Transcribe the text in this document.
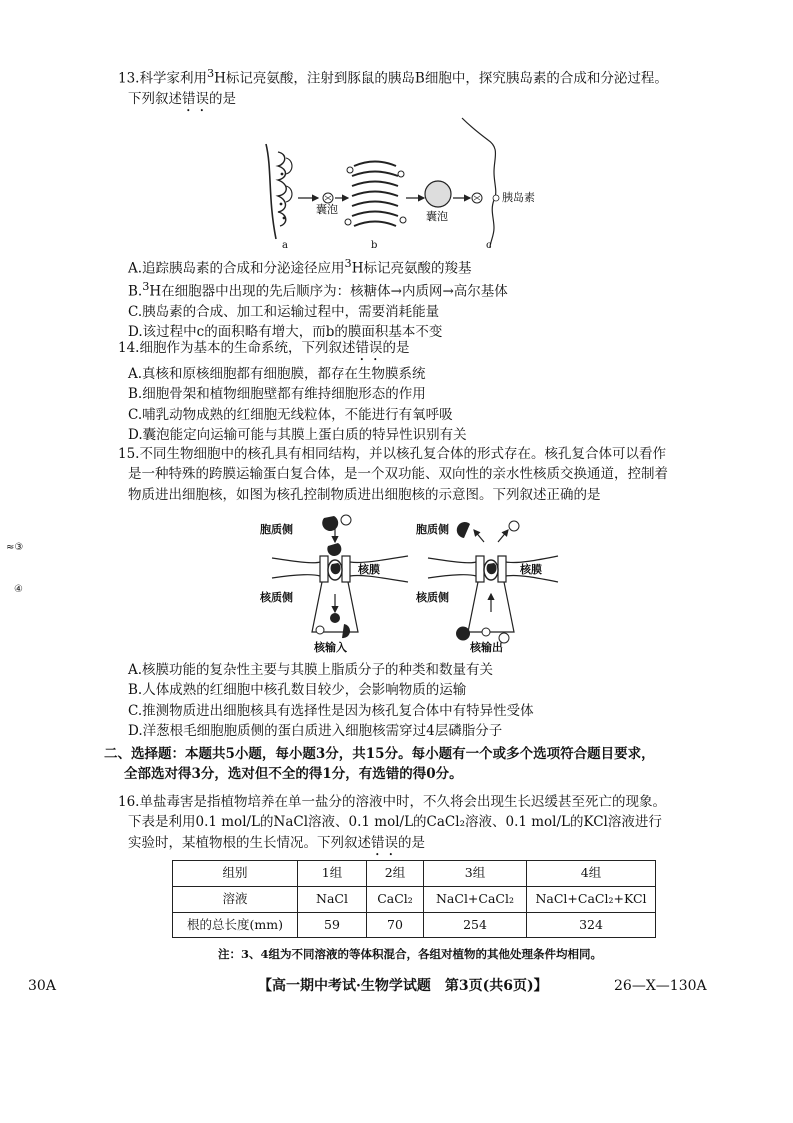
13.科学家利用$^3$H标记亮氨酸，注射到豚鼠的胰岛B细胞中，探究胰岛素的合成和分泌过程。
下列叙述错误的是
囊泡
囊泡
胰岛素
a	b	c
A.追踪胰岛素的合成和分泌途径应用$^3$H标记亮氨酸的羧基
B.$^3$H在细胞器中出现的先后顺序为：核糖体→内质网→高尔基体
C.胰岛素的合成、加工和运输过程中，需要消耗能量
D.该过程中c的面积略有增大，而b的膜面积基本不变
14.细胞作为基本的生命系统，下列叙述错误的是
A.真核和原核细胞都有细胞膜，都存在生物膜系统
B.细胞骨架和植物细胞壁都有维持细胞形态的作用
C.哺乳动物成熟的红细胞无线粒体，不能进行有氧呼吸
D.囊泡能定向运输可能与其膜上蛋白质的特异性识别有关
15.不同生物细胞中的核孔具有相同结构，并以核孔复合体的形式存在。核孔复合体可以看作
是一种特殊的跨膜运输蛋白复合体，是一个双功能、双向性的亲水性核质交换通道，控制着
物质进出细胞核，如图为核孔控制物质进出细胞核的示意图。下列叙述正确的是
胞质侧	胞质侧
核膜	核膜
核质侧	核质侧
核输入	核输出
A.核膜功能的复杂性主要与其膜上脂质分子的种类和数量有关
B.人体成熟的红细胞中核孔数目较少，会影响物质的运输
C.推测物质进出细胞核具有选择性是因为核孔复合体中有特异性受体
D.洋葱根毛细胞胞质侧的蛋白质进入细胞核需穿过4层磷脂分子
二、选择题：本题共5小题，每小题3分，共15分。每小题有一个或多个选项符合题目要求，
全部选对得3分，选对但不全的得1分，有选错的得0分。
16.单盐毒害是指植物培养在单一盐分的溶液中时，不久将会出现生长迟缓甚至死亡的现象。
下表是利用0.1 mol/L的NaCl溶液、0.1 mol/L的CaCl₂溶液、0.1 mol/L的KCl溶液进行
实验时，某植物根的生长情况。下列叙述错误的是
组别	1组	2组	3组	4组
溶液	NaCl	CaCl₂	NaCl+CaCl₂	NaCl+CaCl₂+KCl
根的总长度(mm)	59	70	254	324
注：3、4组为不同溶液的等体积混合，各组对植物的其他处理条件均相同。
≈③
④
30A	【高一期中考试·生物学试题　第3页(共6页)】	26—X—130A
